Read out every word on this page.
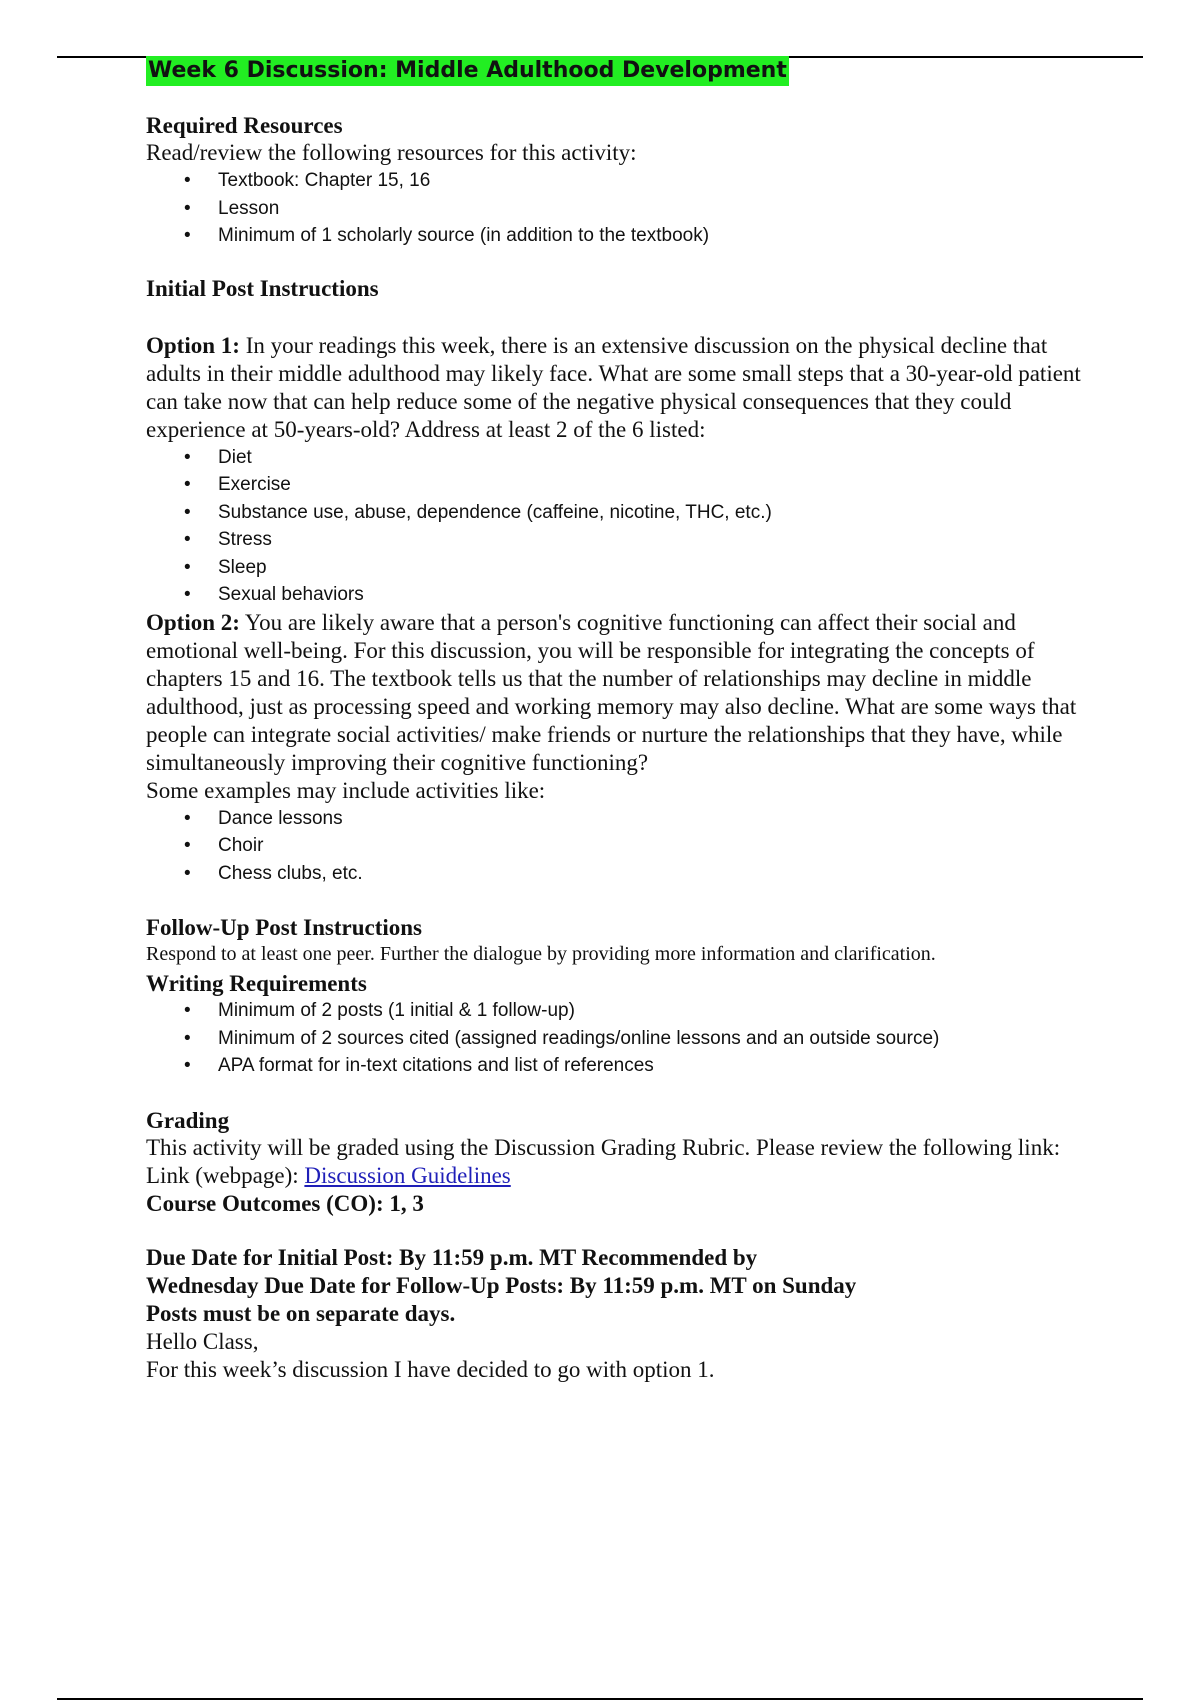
Week 6 Discussion: Middle Adulthood Development
Required Resources

Read/review the following resources for this activity:

• Textbook: Chapter 15, 16
• Lesson
• Minimum of 1 scholarly source (in addition to the textbook)
Initial Post Instructions

Option 1: In your readings this week, there is an extensive discussion on the physical decline that adults in their middle adulthood may likely face. What are some small steps that a 30-year-old patient can take now that can help reduce some of the negative physical consequences that they could experience at 50-years-old? Address at least 2 of the 6 listed:

• Diet
• Exercise
• Substance use, abuse, dependence (caffeine, nicotine, THC, etc.)
• Stress
• Sleep
• Sexual behaviors

Option 2: You are likely aware that a person's cognitive functioning can affect their social and emotional well-being. For this discussion, you will be responsible for integrating the concepts of chapters 15 and 16. The textbook tells us that the number of relationships may decline in middle adulthood, just as processing speed and working memory may also decline. What are some ways that people can integrate social activities/ make friends or nurture the relationships that they have, while simultaneously improving their cognitive functioning?

Some examples may include activities like:

• Dance lessons
• Choir
• Chess clubs, etc.
Follow-Up Post Instructions

Respond to at least one peer. Further the dialogue by providing more information and clarification.

Writing Requirements
• Minimum of 2 posts (1 initial & 1 follow-up)
• Minimum of 2 sources cited (assigned readings/online lessons and an outside source)
• APA format for in-text citations and list of references
Grading

This activity will be graded using the Discussion Grading Rubric. Please review the following link: Link (webpage): Discussion Guidelines

Course Outcomes (CO): 1, 3

Due Date for Initial Post: By 11:59 p.m. MT Recommended by

Wednesday Due Date for Follow-Up Posts: By 11:59 p.m. MT on Sunday

Posts must be on separate days.

Hello Class,

For this week’s discussion I have decided to go with option 1.
